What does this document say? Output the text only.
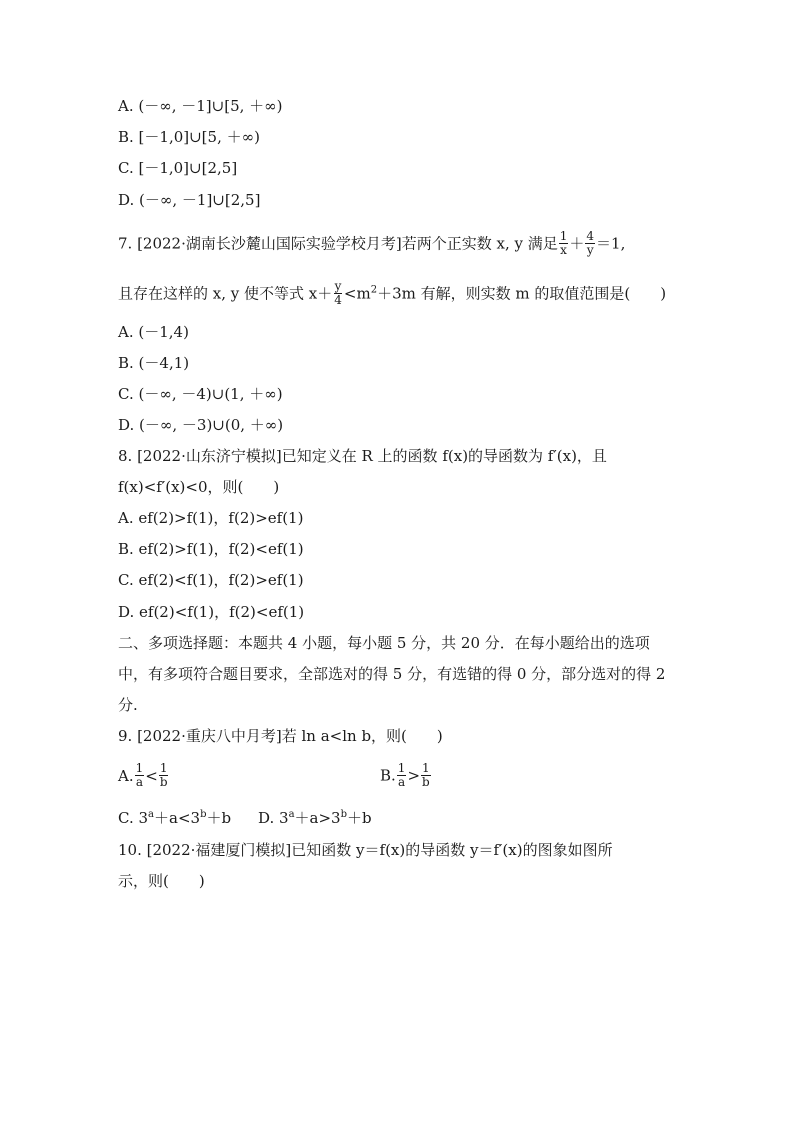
A. (－∞, －1]∪[5, ＋∞)
B. [－1,0]∪[5, ＋∞)
C. [－1,0]∪[2,5]
D. (－∞, －1]∪[2,5]
7. [2022·湖南长沙麓山国际实验学校月考]若两个正实数 x, y 满足 $\frac{1}{x} + \frac{4}{y} =1$,
且存在这样的 x, y 使不等式 $x+ \frac{y}{4} <m^2+3m$ 有解，则实数 m 的取值范围是(　　)
A. (－1,4)
B. (－4,1)
C. (－∞, －4)∪(1, ＋∞)
D. (－∞, －3)∪(0, ＋∞)
8. [2022·山东济宁模拟]已知定义在 R 上的函数 f(x)的导函数为 f′(x)，且
f(x)<f′(x)<0，则(　　)
A. ef(2)>f(1)，f(2)>ef(1)
B. ef(2)>f(1)，f(2)<ef(1)
C. ef(2)<f(1)，f(2)>ef(1)
D. ef(2)<f(1)，f(2)<ef(1)
二、多项选择题：本题共 4 小题，每小题 5 分，共 20 分．在每小题给出的选项
中，有多项符合题目要求，全部选对的得 5 分，有选错的得 0 分，部分选对的得 2
分.
9. [2022·重庆八中月考]若 ln a<ln b，则(　　)
A. $\frac{1}{a} < \frac{1}{b}$	B. $\frac{1}{a} > \frac{1}{b}$
C. $3^a+a<3^b+b$ D. $3^a+a>3^b+b$
10. [2022·福建厦门模拟]已知函数 y＝f(x)的导函数 y＝f′(x)的图象如图所
示，则(　　)
